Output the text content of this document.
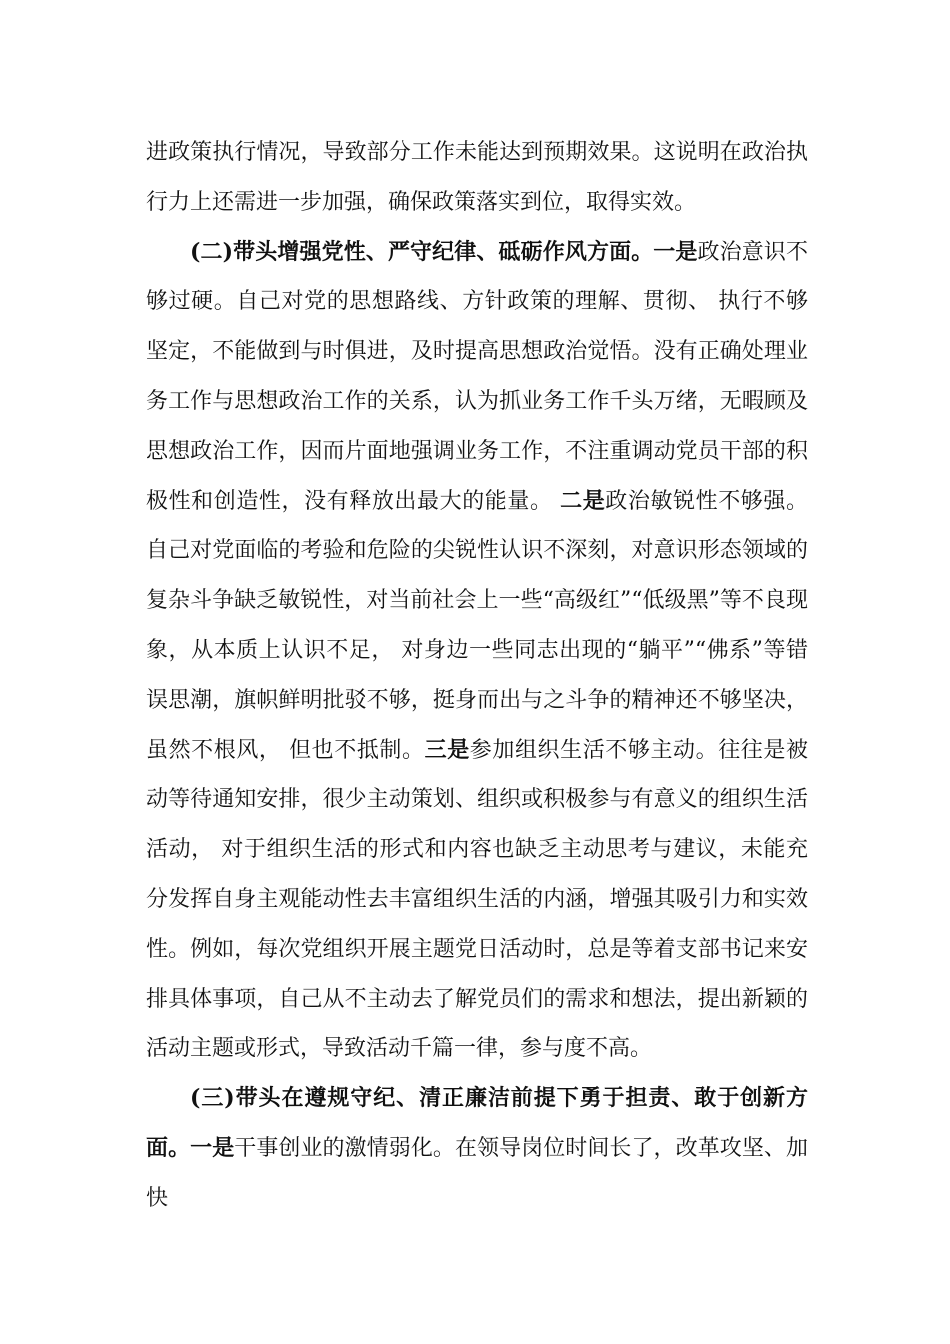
进政策执行情况，导致部分工作未能达到预期效果。这说明在政治执行力上还需进一步加强，确保政策落实到位，取得实效。

(二)带头增强党性、严守纪律、砥砺作风方面。一是政治意识不够过硬。自己对党的思想路线、方针政策的理解、贯彻、 执行不够坚定，不能做到与时俱进，及时提高思想政治觉悟。没有正确处理业务工作与思想政治工作的关系，认为抓业务工作千头万绪，无暇顾及思想政治工作，因而片面地强调业务工作，不注重调动党员干部的积极性和创造性，没有释放出最大的能量。 二是政治敏锐性不够强。自己对党面临的考验和危险的尖锐性认识不深刻，对意识形态领域的复杂斗争缺乏敏锐性，对当前社会上一些“高级红”“低级黑”等不良现象，从本质上认识不足， 对身边一些同志出现的“躺平”“佛系”等错误思潮，旗帜鲜明批驳不够，挺身而出与之斗争的精神还不够坚决，虽然不根风， 但也不抵制。三是参加组织生活不够主动。往往是被动等待通知安排，很少主动策划、组织或积极参与有意义的组织生活活动， 对于组织生活的形式和内容也缺乏主动思考与建议，未能充分发挥自身主观能动性去丰富组织生活的内涵，增强其吸引力和实效性。例如，每次党组织开展主题党日活动时，总是等着支部书记来安排具体事项，自己从不主动去了解党员们的需求和想法，提出新颖的活动主题或形式，导致活动千篇一律，参与度不高。

(三)带头在遵规守纪、清正廉洁前提下勇于担责、敢于创新方面。一是干事创业的激情弱化。在领导岗位时间长了，改革攻坚、加快
